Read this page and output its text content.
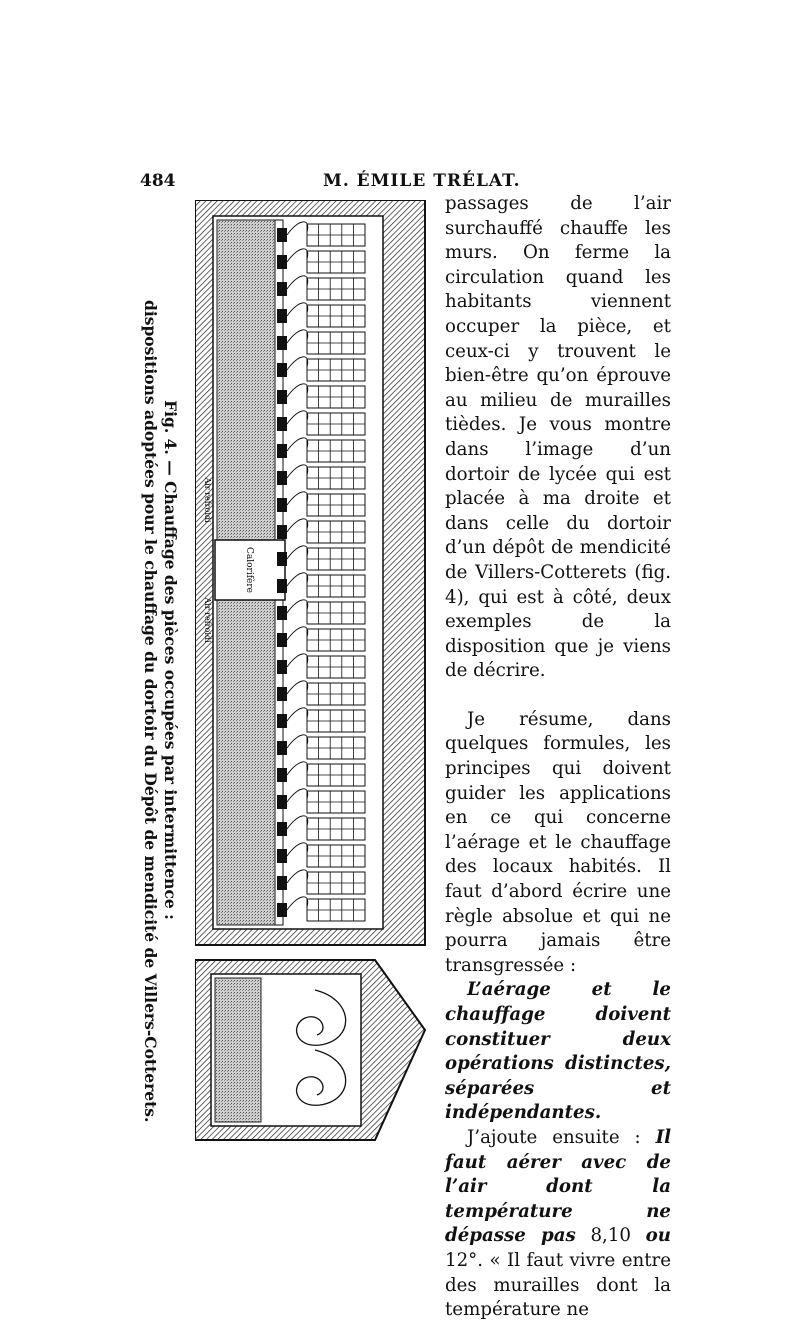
484	M. ÉMILE TRÉLAT.
Fig. 4. — Chauffage des pièces occupées par intermittence :
dispositions adoptées pour le chauffage du dortoir du Dépôt de mendicité de Villers-Cotterets.	Calorifère
Air refroidi
Air refroidi

passages de l’air surchauffé chauffe les murs. On ferme la circulation quand les habitants viennent occuper la pièce, et ceux-ci y trouvent le bien-être qu’on éprouve au milieu de murailles tièdes. Je vous montre dans l’image d’un dortoir de lycée qui est placée à ma droite et dans celle du dortoir d’un dépôt de mendicité de Villers-Cotterets (fig. 4), qui est à côté, deux exemples de la disposition que je viens de décrire.

Je résume, dans quelques formules, les principes qui doivent guider les applications en ce qui concerne l’aérage et le chauffage des locaux habités. Il faut d’abord écrire une règle absolue et qui ne pourra jamais être transgressée :

L’aérage et le chauffage doivent constituer deux opérations distinctes, séparées et indépendantes.

J’ajoute ensuite : Il faut aérer avec de l’air dont la température ne dépasse pas 8,10 ou 12°. « Il faut vivre entre des murailles dont la température ne
